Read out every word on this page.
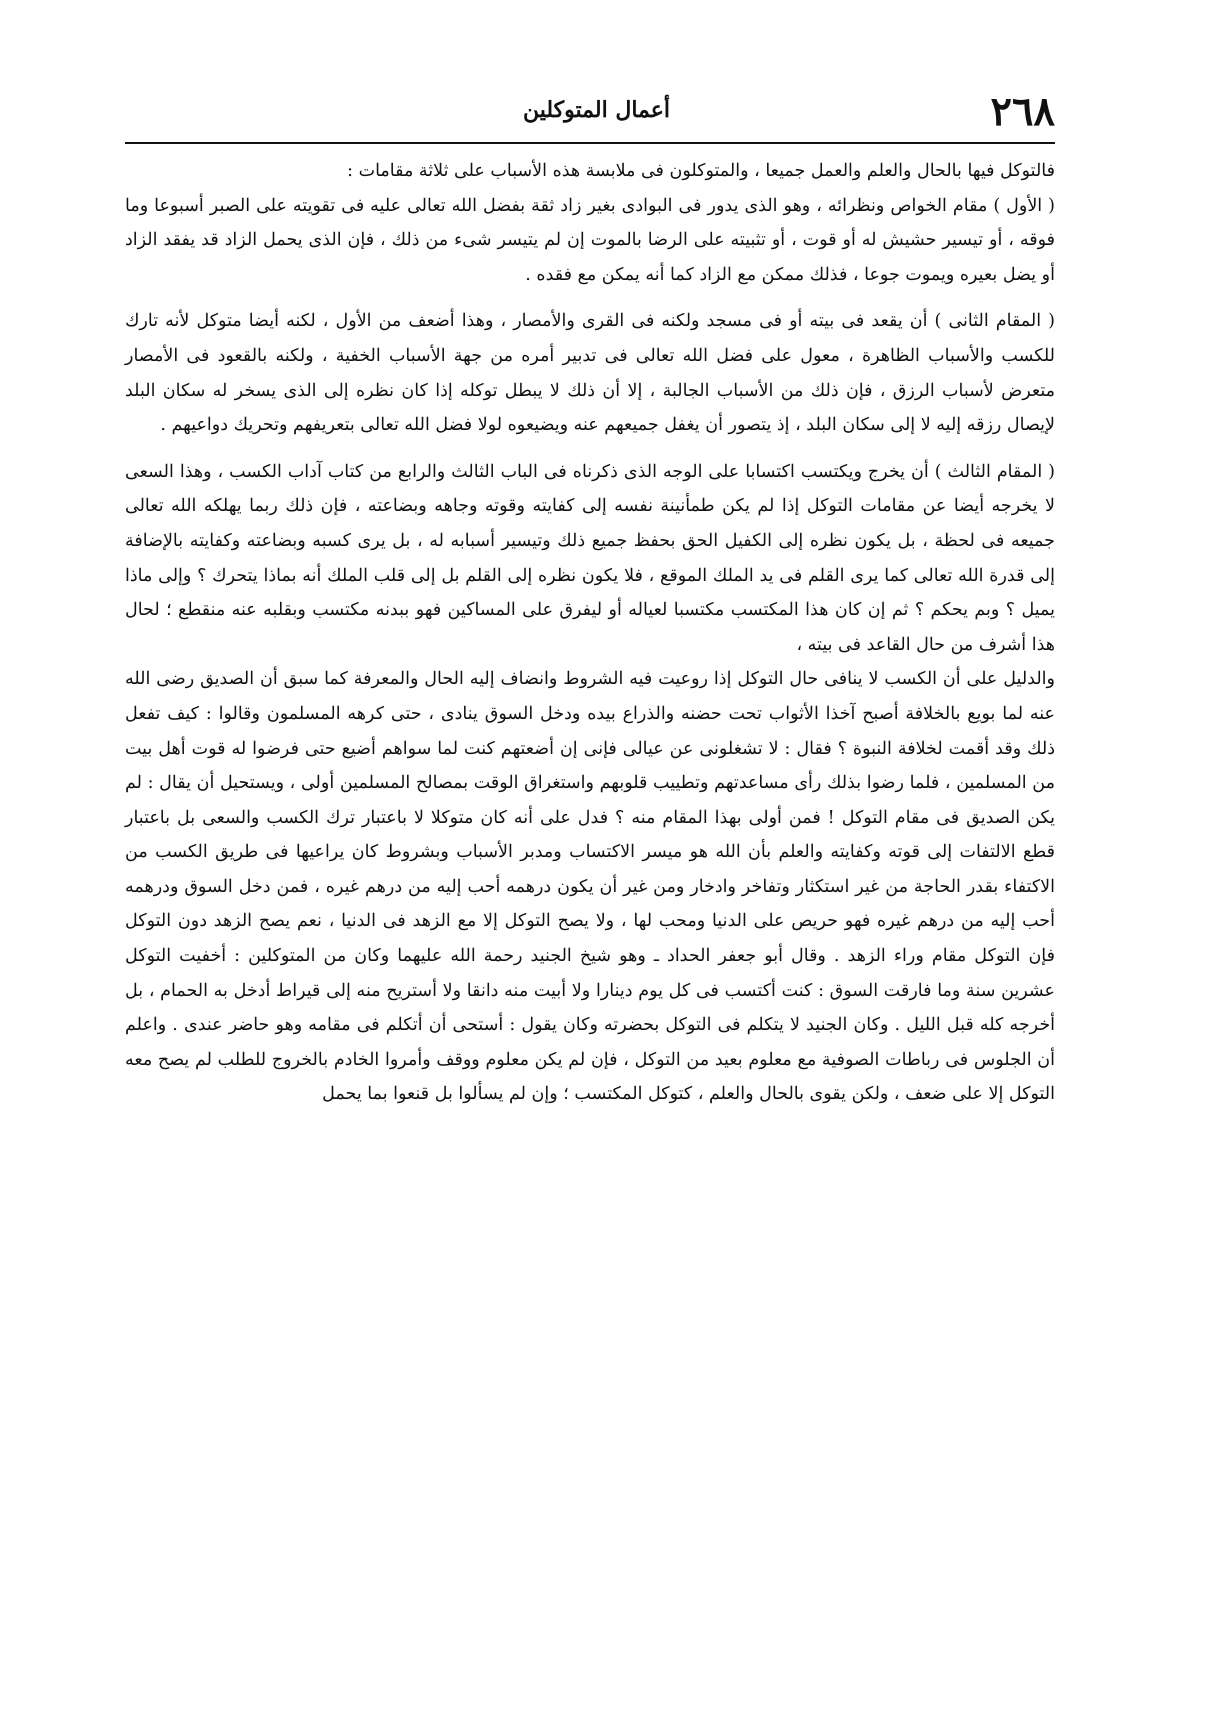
٢٦٨
أعمال المتوكلين

فالتوكل فيها بالحال والعلم والعمل جميعا ، والمتوكلون فى ملابسة هذه الأسباب على ثلاثة مقامات :

( الأول ) مقام الخواص ونظرائه ، وهو الذى يدور فى البوادى بغير زاد ثقة بفضل الله تعالى عليه فى تقويته على الصبر أسبوعا وما فوقه ، أو تيسير حشيش له أو قوت ، أو تثبيته على الرضا بالموت إن لم يتيسر شىء من ذلك ، فإن الذى يحمل الزاد قد يفقد الزاد أو يضل بعيره ويموت جوعا ، فذلك ممكن مع الزاد كما أنه يمكن مع فقده .

( المقام الثانى ) أن يقعد فى بيته أو فى مسجد ولكنه فى القرى والأمصار ، وهذا أضعف من الأول ، لكنه أيضا متوكل لأنه تارك للكسب والأسباب الظاهرة ، معول على فضل الله تعالى فى تدبير أمره من جهة الأسباب الخفية ، ولكنه بالقعود فى الأمصار متعرض لأسباب الرزق ، فإن ذلك من الأسباب الجالبة ، إلا أن ذلك لا يبطل توكله إذا كان نظره إلى الذى يسخر له سكان البلد لإيصال رزقه إليه لا إلى سكان البلد ، إذ يتصور أن يغفل جميعهم عنه ويضيعوه لولا فضل الله تعالى بتعريفهم وتحريك دواعيهم .

( المقام الثالث ) أن يخرج ويكتسب اكتسابا على الوجه الذى ذكرناه فى الباب الثالث والرابع من كتاب آداب الكسب ، وهذا السعى لا يخرجه أيضا عن مقامات التوكل إذا لم يكن طمأنينة نفسه إلى كفايته وقوته وجاهه وبضاعته ، فإن ذلك ربما يهلكه الله تعالى جميعه فى لحظة ، بل يكون نظره إلى الكفيل الحق بحفظ جميع ذلك وتيسير أسبابه له ، بل يرى كسبه وبضاعته وكفايته بالإضافة إلى قدرة الله تعالى كما يرى القلم فى يد الملك الموقع ، فلا يكون نظره إلى القلم بل إلى قلب الملك أنه بماذا يتحرك ؟ وإلى ماذا يميل ؟ وبم يحكم ؟ ثم إن كان هذا المكتسب مكتسبا لعياله أو ليفرق على المساكين فهو ببدنه مكتسب وبقلبه عنه منقطع ؛ لحال هذا أشرف من حال القاعد فى بيته ،

والدليل على أن الكسب لا ينافى حال التوكل إذا روعيت فيه الشروط وانضاف إليه الحال والمعرفة كما سبق أن الصديق رضى الله عنه لما بويع بالخلافة أصبح آخذا الأثواب تحت حضنه والذراع بيده ودخل السوق ينادى ، حتى كرهه المسلمون وقالوا : كيف تفعل ذلك وقد أقمت لخلافة النبوة ؟ فقال : لا تشغلونى عن عيالى فإنى إن أضعتهم كنت لما سواهم أضيع حتى فرضوا له قوت أهل بيت من المسلمين ، فلما رضوا بذلك رأى مساعدتهم وتطييب قلوبهم واستغراق الوقت بمصالح المسلمين أولى ، ويستحيل أن يقال : لم يكن الصديق فى مقام التوكل ! فمن أولى بهذا المقام منه ؟ فدل على أنه كان متوكلا لا باعتبار ترك الكسب والسعى بل باعتبار قطع الالتفات إلى قوته وكفايته والعلم بأن الله هو ميسر الاكتساب ومدبر الأسباب وبشروط كان يراعيها فى طريق الكسب من الاكتفاء بقدر الحاجة من غير استكثار وتفاخر وادخار ومن غير أن يكون درهمه أحب إليه من درهم غيره ، فمن دخل السوق ودرهمه أحب إليه من درهم غيره فهو حريص على الدنيا ومحب لها ، ولا يصح التوكل إلا مع الزهد فى الدنيا ، نعم يصح الزهد دون التوكل فإن التوكل مقام وراء الزهد . وقال أبو جعفر الحداد ـ وهو شيخ الجنيد رحمة الله عليهما وكان من المتوكلين : أخفيت التوكل عشرين سنة وما فارقت السوق : كنت أكتسب فى كل يوم دينارا ولا أبيت منه دانقا ولا أستريح منه إلى قيراط أدخل به الحمام ، بل أخرجه كله قبل الليل . وكان الجنيد لا يتكلم فى التوكل بحضرته وكان يقول : أستحى أن أتكلم فى مقامه وهو حاضر عندى . واعلم أن الجلوس فى رباطات الصوفية مع معلوم بعيد من التوكل ، فإن لم يكن معلوم ووقف وأمروا الخادم بالخروج للطلب لم يصح معه التوكل إلا على ضعف ، ولكن يقوى بالحال والعلم ، كتوكل المكتسب ؛ وإن لم يسألوا بل قنعوا بما يحمل
